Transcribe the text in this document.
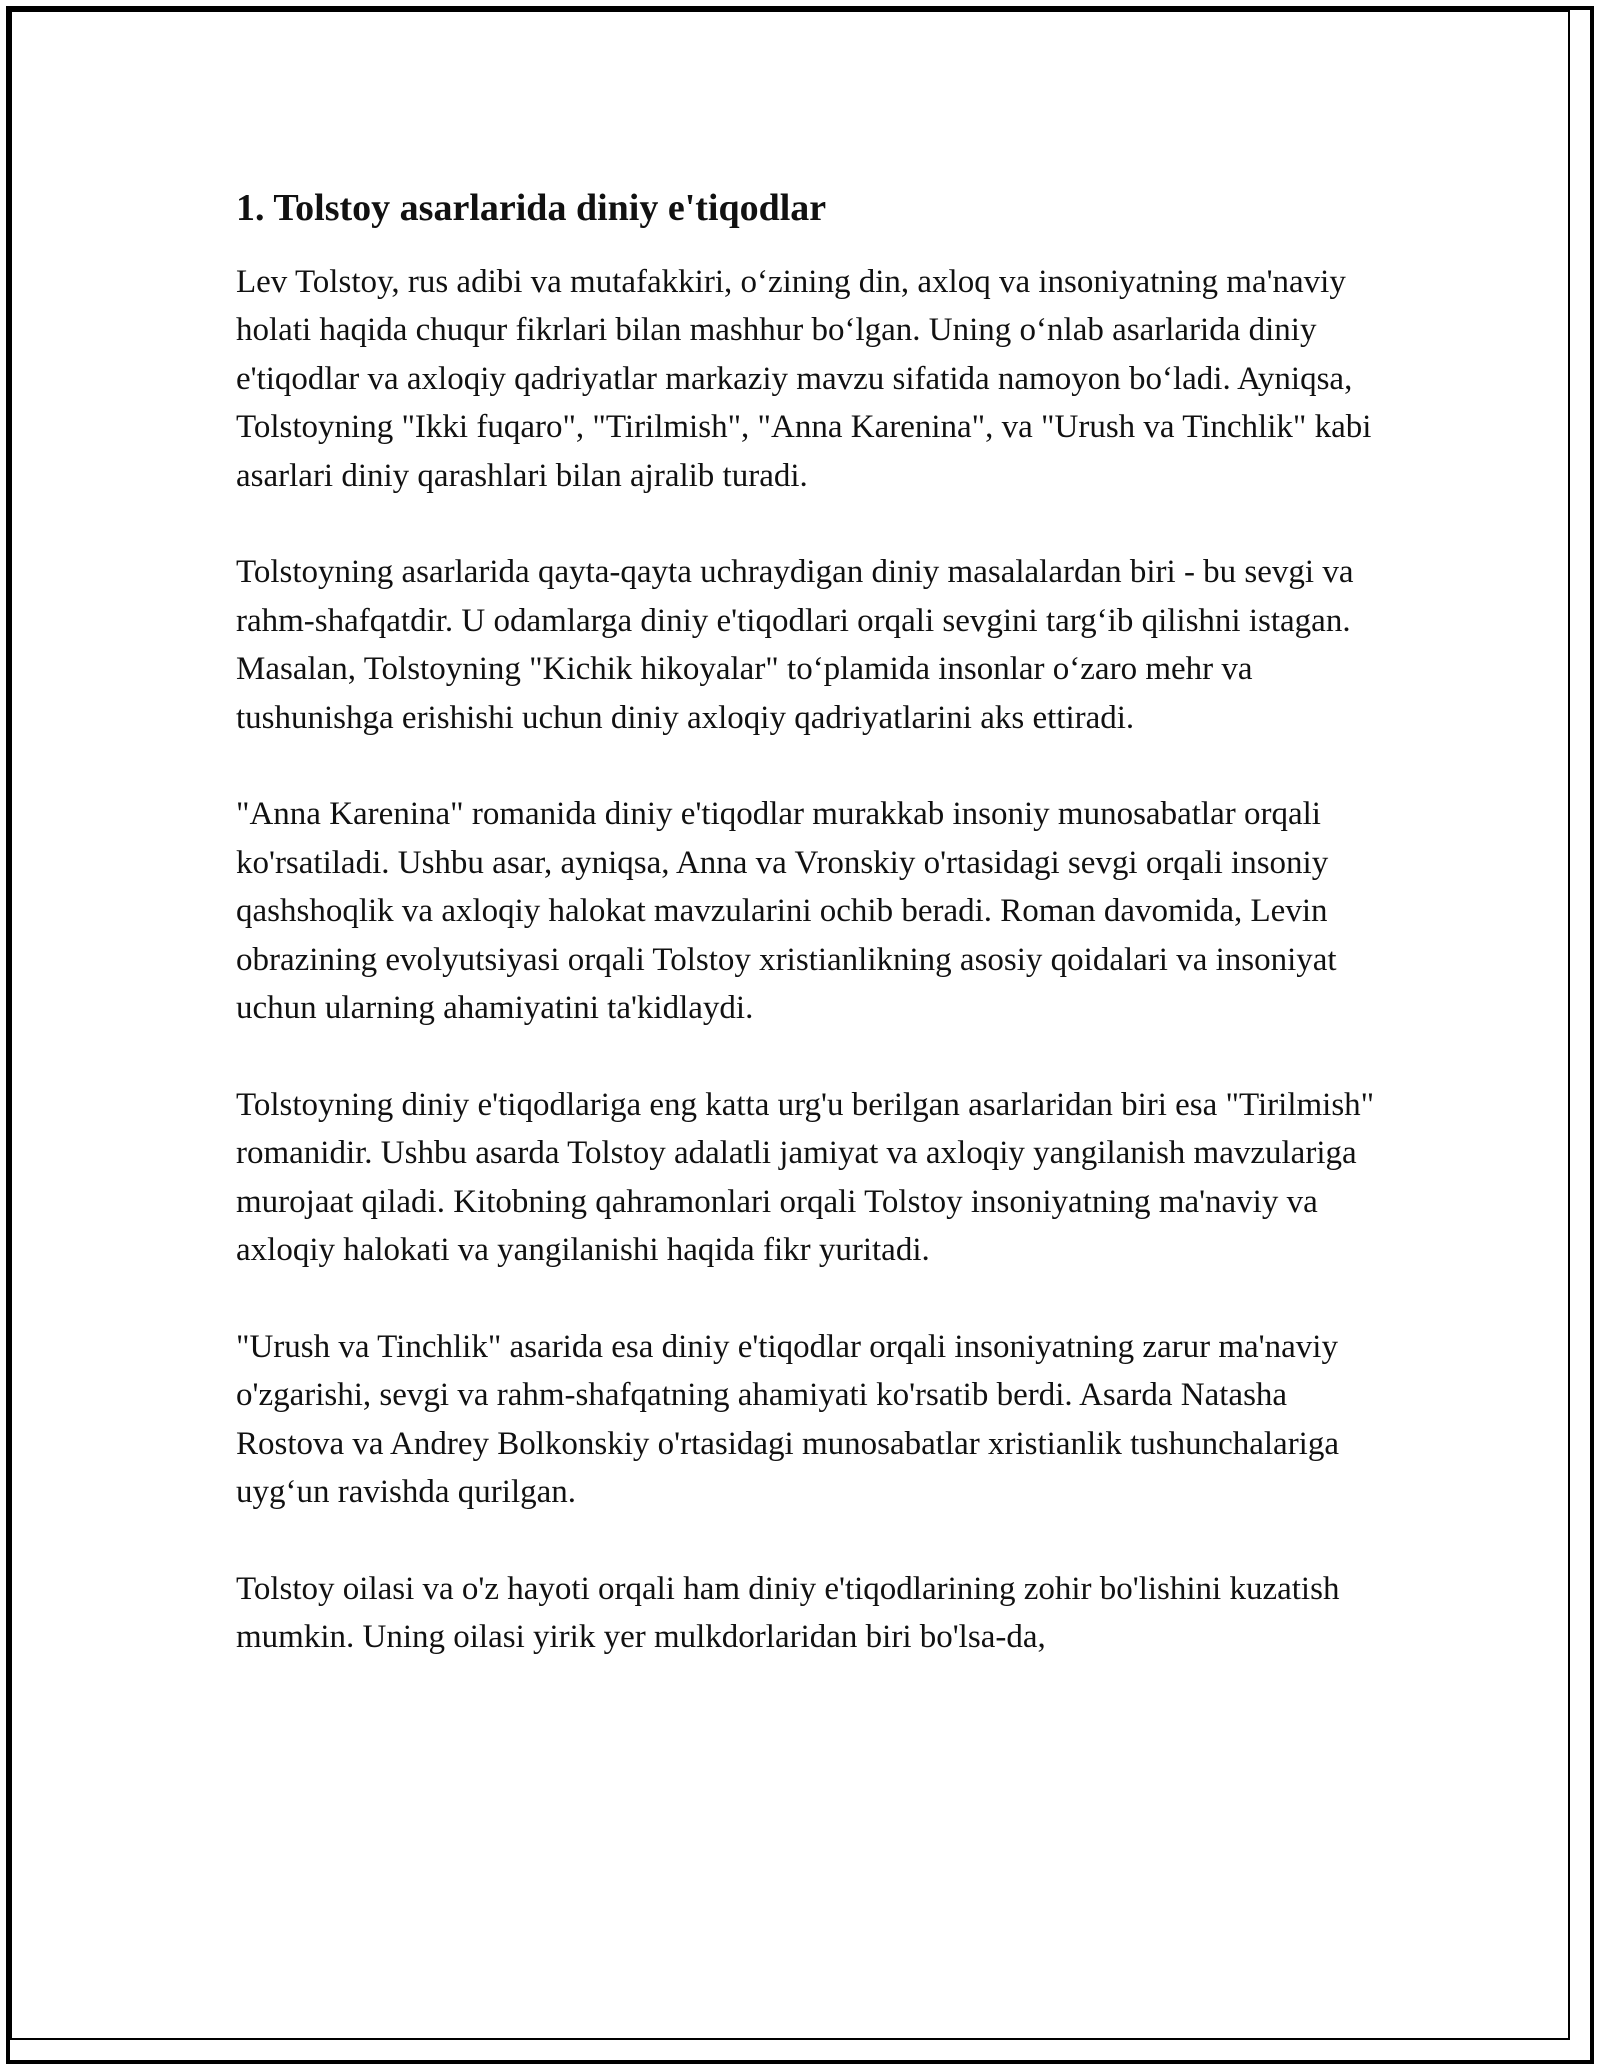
1. Tolstoy asarlarida diniy e'tiqodlar

Lev Tolstoy, rus adibi va mutafakkiri, o‘zining din, axloq va insoniyatning ma'naviy holati haqida chuqur fikrlari bilan mashhur bo‘lgan. Uning o‘nlab asarlarida diniy e'tiqodlar va axloqiy qadriyatlar markaziy mavzu sifatida namoyon bo‘ladi. Ayniqsa, Tolstoyning "Ikki fuqaro", "Tirilmish", "Anna Karenina", va "Urush va Tinchlik" kabi asarlari diniy qarashlari bilan ajralib turadi.

Tolstoyning asarlarida qayta-qayta uchraydigan diniy masalalardan biri - bu sevgi va rahm-shafqatdir. U odamlarga diniy e'tiqodlari orqali sevgini targ‘ib qilishni istagan. Masalan, Tolstoyning "Kichik hikoyalar" to‘plamida insonlar o‘zaro mehr va tushunishga erishishi uchun diniy axloqiy qadriyatlarini aks ettiradi.

"Anna Karenina" romanida diniy e'tiqodlar murakkab insoniy munosabatlar orqali ko'rsatiladi. Ushbu asar, ayniqsa, Anna va Vronskiy o'rtasidagi sevgi orqali insoniy qashshoqlik va axloqiy halokat mavzularini ochib beradi. Roman davomida, Levin obrazining evolyutsiyasi orqali Tolstoy xristianlikning asosiy qoidalari va insoniyat uchun ularning ahamiyatini ta'kidlaydi.

Tolstoyning diniy e'tiqodlariga eng katta urg'u berilgan asarlaridan biri esa "Tirilmish" romanidir. Ushbu asarda Tolstoy adalatli jamiyat va axloqiy yangilanish mavzulariga murojaat qiladi. Kitobning qahramonlari orqali Tolstoy insoniyatning ma'naviy va axloqiy halokati va yangilanishi haqida fikr yuritadi.

"Urush va Tinchlik" asarida esa diniy e'tiqodlar orqali insoniyatning zarur ma'naviy o'zgarishi, sevgi va rahm-shafqatning ahamiyati ko'rsatib berdi. Asarda Natasha Rostova va Andrey Bolkonskiy o'rtasidagi munosabatlar xristianlik tushunchalariga uyg‘un ravishda qurilgan.

Tolstoy oilasi va o'z hayoti orqali ham diniy e'tiqodlarining zohir bo'lishini kuzatish mumkin. Uning oilasi yirik yer mulkdorlaridan biri bo'lsa-da,
